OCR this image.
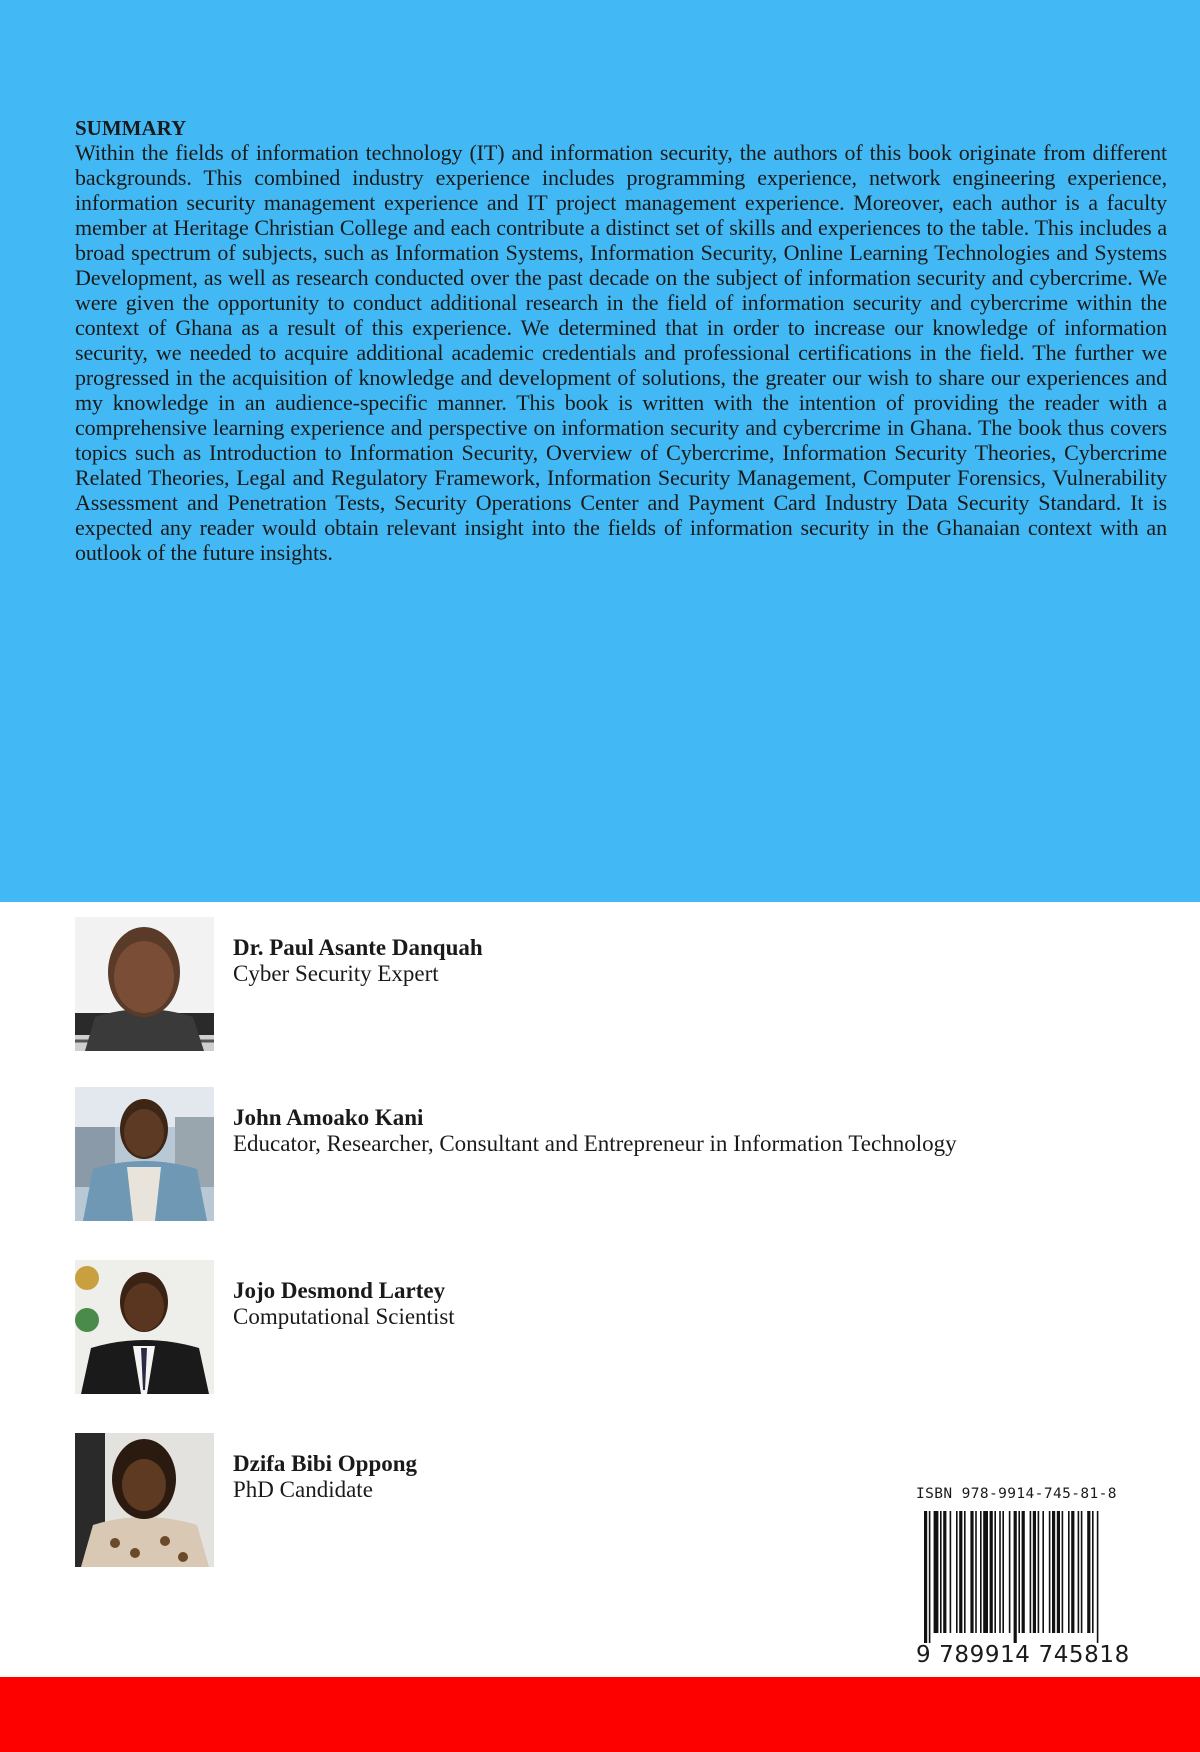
SUMMARY

Within the fields of information technology (IT) and information security, the authors of this book originate from different backgrounds. This combined industry experience includes programming experience, network engineering experience, information security management experience and IT project management experience. Moreover, each author is a faculty member at Heritage Christian College and each contribute a distinct set of skills and experiences to the table. This includes a broad spectrum of subjects, such as Information Systems, Information Security, Online Learning Technologies and Systems Development, as well as research conducted over the past decade on the subject of information security and cybercrime. We were given the opportunity to conduct additional research in the field of information security and cybercrime within the context of Ghana as a result of this experience. We determined that in order to increase our knowledge of information security, we needed to acquire additional academic credentials and professional certifications in the field. The further we progressed in the acquisition of knowledge and development of solutions, the greater our wish to share our experiences and my knowledge in an audience-specific manner. This book is written with the intention of providing the reader with a comprehensive learning experience and perspective on information security and cybercrime in Ghana. The book thus covers topics such as Introduction to Information Security, Overview of Cybercrime, Information Security Theories, Cybercrime Related Theories, Legal and Regulatory Framework, Information Security Management, Computer Forensics, Vulnerability Assessment and Penetration Tests, Security Operations Center and Payment Card Industry Data Security Standard. It is expected any reader would obtain relevant insight into the fields of information security in the Ghanaian context with an outlook of the future insights.

Dr. Paul Asante Danquah
Cyber Security Expert
John Amoako Kani
Educator, Researcher, Consultant and Entrepreneur in Information Technology
Jojo Desmond Lartey
Computational Scientist
Dzifa Bibi Oppong
PhD Candidate	ISBN 978-9914-745-81-8
9 789914 745818
